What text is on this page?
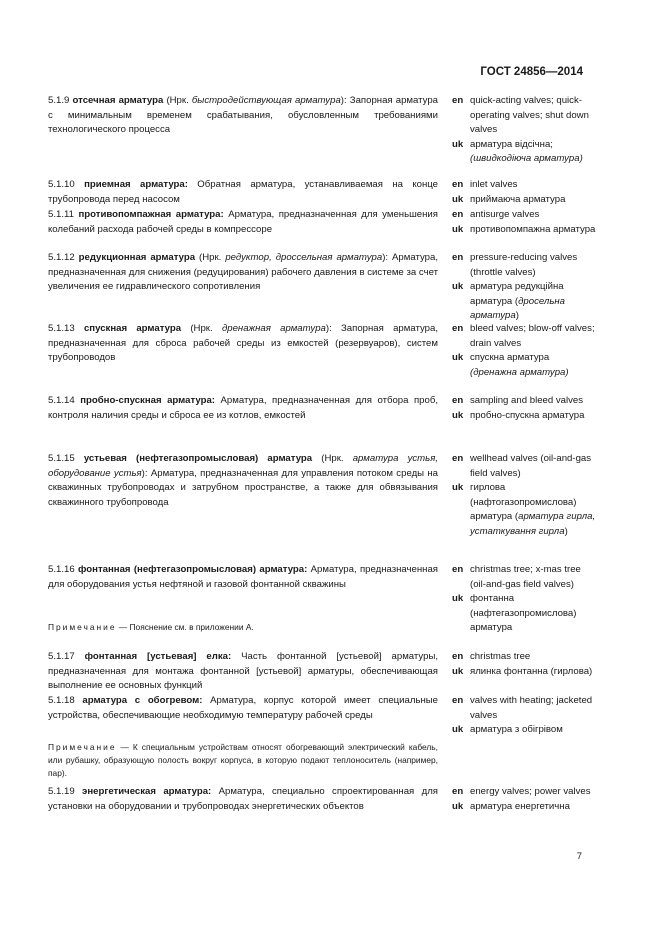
ГОСТ 24856—2014
5.1.9 отсечная арматура (Нрк. быстродействующая арматура): Запорная арматура с минимальным временем срабатывания, обусловленным требованиями технологического процесса
en quick-acting valves; quick-operating valves; shut down valves
uk арматура відсічна;
(швидкодіюча арматура)
5.1.10 приемная арматура: Обратная арматура, устанавливаемая на конце трубопровода перед насосом
en inlet valves
uk приймаюча арматура
5.1.11 противопомпажная арматура: Арматура, предназначенная для уменьшения колебаний расхода рабочей среды в компрессоре
en antisurge valves
uk противопомпажна арматура
5.1.12 редукционная арматура (Нрк. редуктор, дроссельная арматура): Арматура, предназначенная для снижения (редуцирования) рабочего давления в системе за счет увеличения ее гидравлического сопротивления
en pressure-reducing valves (throttle valves)
uk арматура редукційна арматура (дросельна арматура)
5.1.13 спускная арматура (Нрк. дренажная арматура): Запорная арматура, предназначенная для сброса рабочей среды из емкостей (резервуаров), систем трубопроводов
en bleed valves; blow-off valves; drain valves
uk спускна арматура
(дренажна арматура)
5.1.14 пробно-спускная арматура: Арматура, предназначенная для отбора проб, контроля наличия среды и сброса ее из котлов, емкостей
en sampling and bleed valves
uk пробно-спускна арматура
5.1.15 устьевая (нефтегазопромысловая) арматура (Нрк. арматура устья, оборудование устья): Арматура, предназначенная для управления потоком среды на скважинных трубопроводах и затрубном пространстве, а также для обвязывания скважинного трубопровода
en wellhead valves (oil-and-gas field valves)
uk гирлова (нафтогазопромислова) арматура (арматура гирла, устаткування гирла)
5.1.16 фонтанная (нефтегазопромысловая) арматура: Арматура, предназначенная для оборудования устья нефтяной и газовой фонтанной скважины
en christmas tree; x-mas tree (oil-and-gas field valves)
uk фонтанна (нафтегазопромислова) арматура
Примечание — Пояснение см. в приложении А.
5.1.17 фонтанная [устьевая] елка: Часть фонтанной [устьевой] арматуры, предназначенная для монтажа фонтанной [устьевой] арматуры, обеспечивающая выполнение ее основных функций
en christmas tree
uk ялинка фонтанна (гирлова)
5.1.18 арматура с обогревом: Арматура, корпус которой имеет специальные устройства, обеспечивающие необходимую температуру рабочей среды
en valves with heating; jacketed valves
uk арматура з обігрівом
Примечание — К специальным устройствам относят обогревающий электрический кабель, или рубашку, образующую полость вокруг корпуса, в которую подают теплоноситель (например, пар).
5.1.19 энергетическая арматура: Арматура, специально спроектированная для установки на оборудовании и трубопроводах энергетических объектов
en energy valves; power valves
uk арматура енергетична
7
